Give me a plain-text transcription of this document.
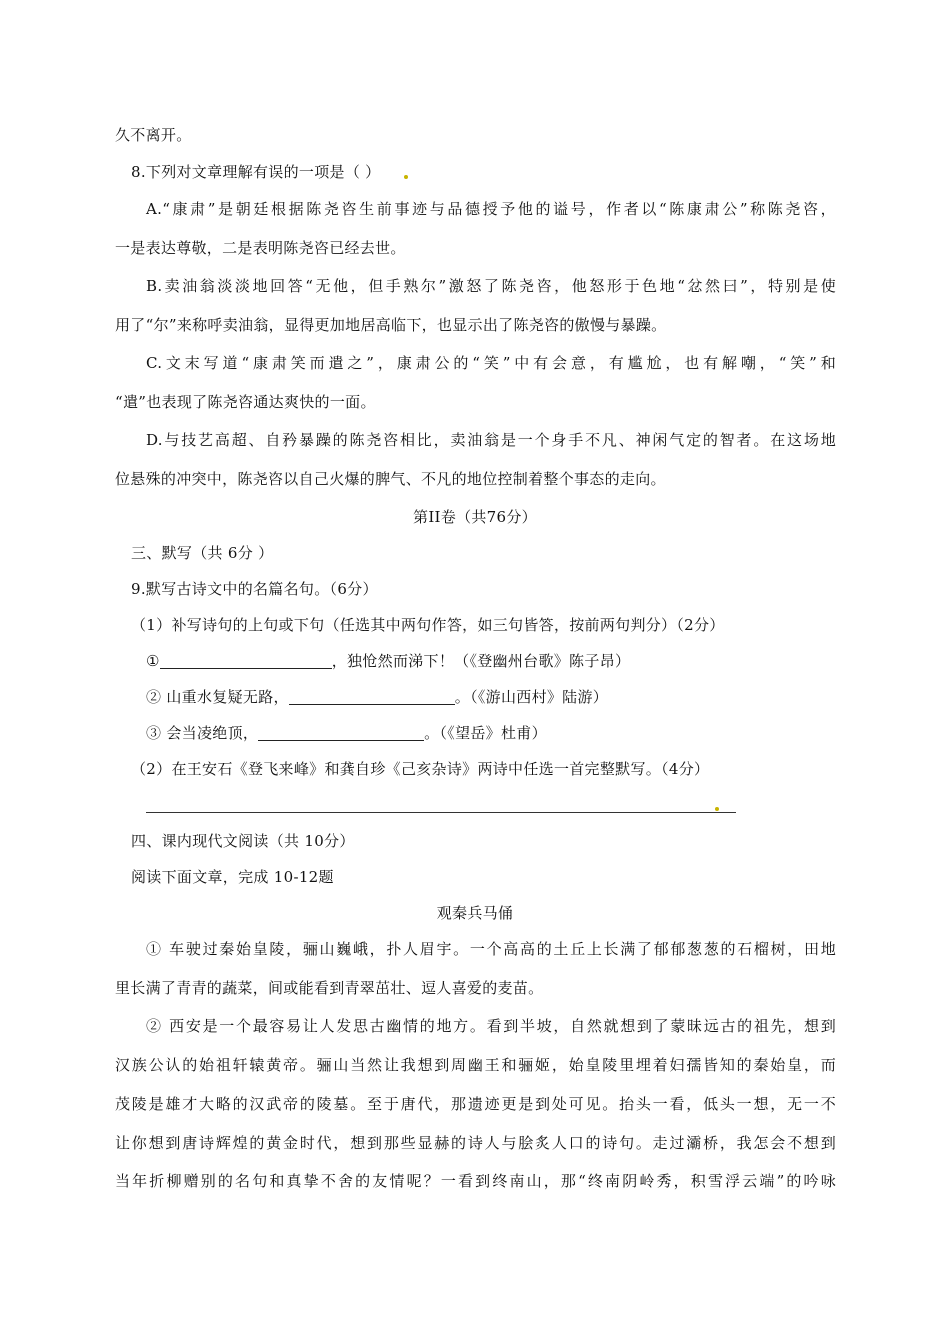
久不离开。
8.下列对文章理解有误的一项是（ ）
A.“康肃”是朝廷根据陈尧咨生前事迹与品德授予他的谥号，作者以“陈康肃公”称陈尧咨，
一是表达尊敬，二是表明陈尧咨已经去世。
B.卖油翁淡淡地回答“无他，但手熟尔”激怒了陈尧咨，他怒形于色地“忿然曰”，特别是使
用了“尔”来称呼卖油翁，显得更加地居高临下，也显示出了陈尧咨的傲慢与暴躁。
C.文末写道“康肃笑而遣之”，康肃公的“笑”中有会意，有尴尬，也有解嘲，“笑”和
“遣”也表现了陈尧咨通达爽快的一面。
D.与技艺高超、自矜暴躁的陈尧咨相比，卖油翁是一个身手不凡、神闲气定的智者。在这场地
位悬殊的冲突中，陈尧咨以自己火爆的脾气、不凡的地位控制着整个事态的走向。
第II卷（共76分）
三、默写（共 6分 ）
9.默写古诗文中的名篇名句。（6分）
（1）补写诗句的上句或下句（任选其中两句作答，如三句皆答，按前两句判分）（2分）
①	，独怆然而涕下！（《登幽州台歌》陈子昂）
② 山重水复疑无路，	。（《游山西村》陆游）
③ 会当凌绝顶，	。（《望岳》杜甫）
（2）在王安石《登飞来峰》和龚自珍《己亥杂诗》两诗中任选一首完整默写。（4分）
四、课内现代文阅读（共 10分）
阅读下面文章，完成 10-12题
观秦兵马俑
① 车驶过秦始皇陵，骊山巍峨，扑人眉宇。一个高高的土丘上长满了郁郁葱葱的石榴树，田地
里长满了青青的蔬菜，间或能看到青翠茁壮、逗人喜爱的麦苗。
② 西安是一个最容易让人发思古幽情的地方。看到半坡，自然就想到了蒙昧远古的祖先，想到
汉族公认的始祖轩辕黄帝。骊山当然让我想到周幽王和骊姬，始皇陵里埋着妇孺皆知的秦始皇，而
茂陵是雄才大略的汉武帝的陵墓。至于唐代，那遗迹更是到处可见。抬头一看，低头一想，无一不
让你想到唐诗辉煌的黄金时代，想到那些显赫的诗人与脍炙人口的诗句。走过灞桥，我怎会不想到
当年折柳赠别的名句和真挚不舍的友情呢？一看到终南山，那“终南阴岭秀，积雪浮云端”的吟咏
